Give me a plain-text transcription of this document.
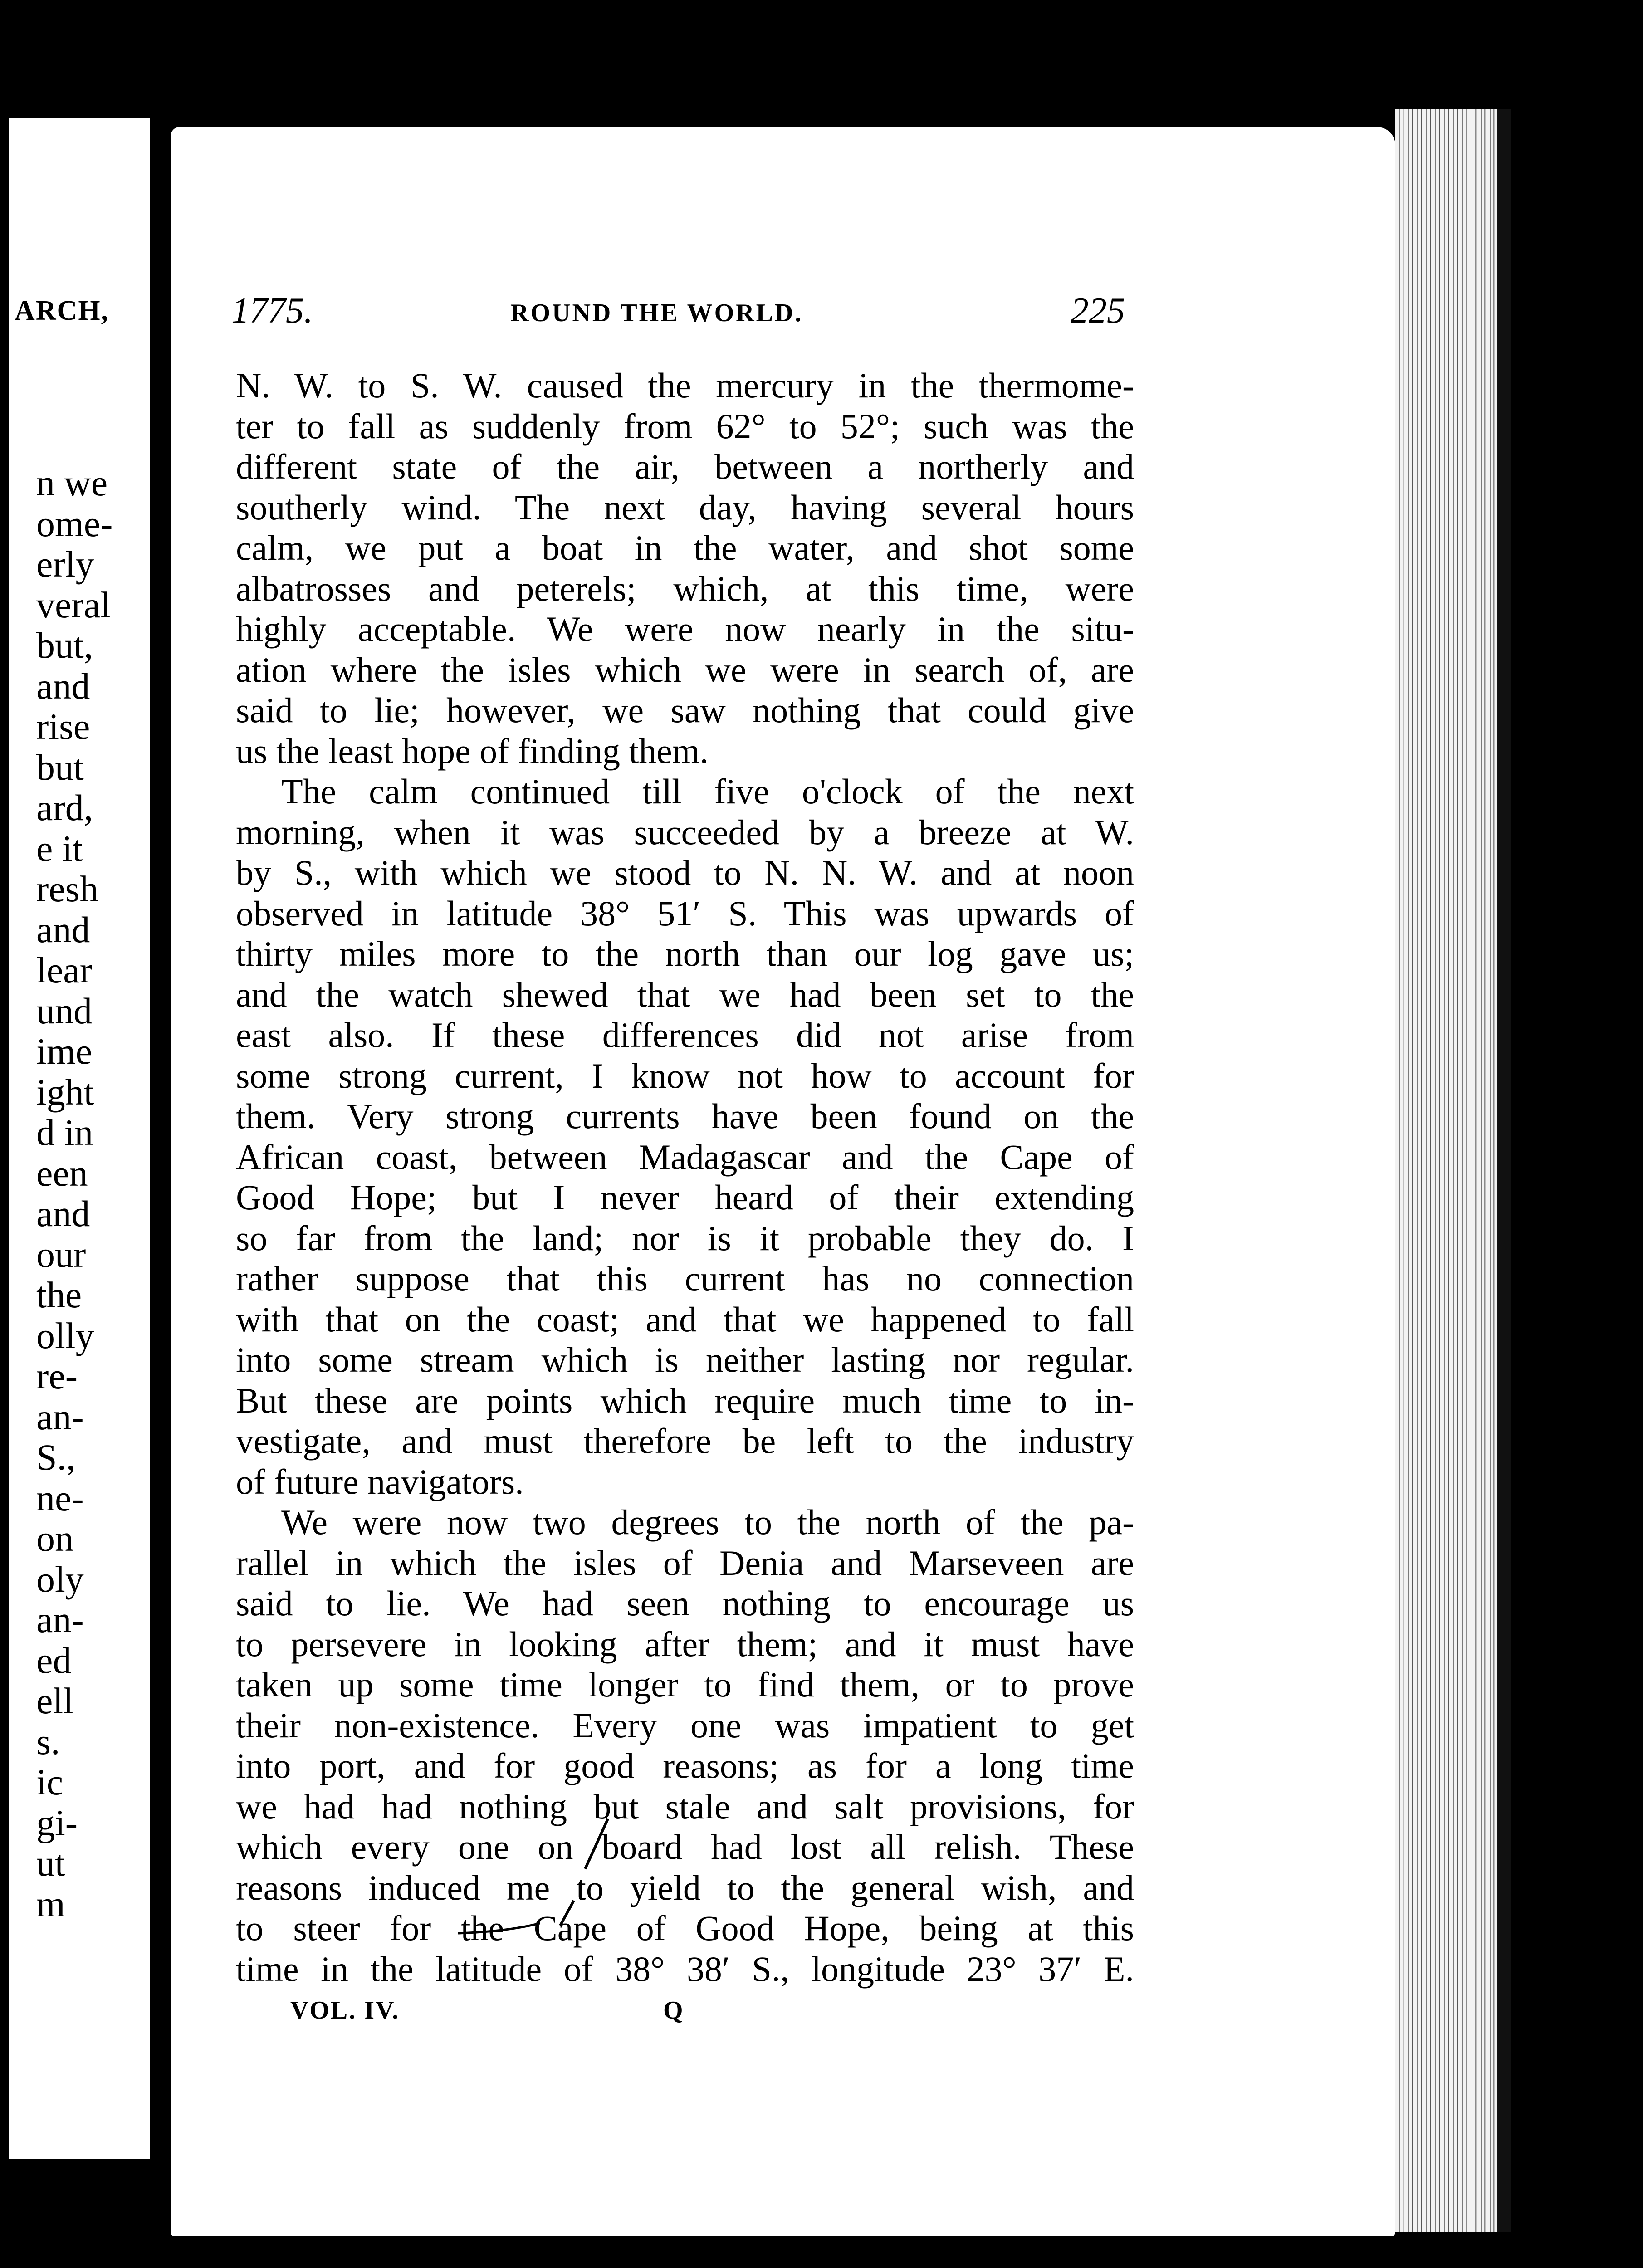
ARCH,
n we
ome-
erly
veral
but,
and
rise
but
ard,
e it
resh
and
lear
und
ime
ight
d in
een
and
our
the
olly
re-
an-
S.,
ne-
on
oly
an-
ed
ell
s.
ic
gi-
ut
m
1775.	ROUND THE WORLD.	225
N. W. to S. W. caused the mercury in the thermome-
ter to fall as suddenly from 62° to 52°; such was the
different state of the air, between a northerly and
southerly wind. The next day, having several hours
calm, we put a boat in the water, and shot some
albatrosses and peterels; which, at this time, were
highly acceptable. We were now nearly in the situ-
ation where the isles which we were in search of, are
said to lie; however, we saw nothing that could give
us the least hope of finding them.
The calm continued till five o'clock of the next
morning, when it was succeeded by a breeze at W.
by S., with which we stood to N. N. W. and at noon
observed in latitude 38° 51′ S. This was upwards of
thirty miles more to the north than our log gave us;
and the watch shewed that we had been set to the
east also. If these differences did not arise from
some strong current, I know not how to account for
them. Very strong currents have been found on the
African coast, between Madagascar and the Cape of
Good Hope; but I never heard of their extending
so far from the land; nor is it probable they do. I
rather suppose that this current has no connection
with that on the coast; and that we happened to fall
into some stream which is neither lasting nor regular.
But these are points which require much time to in-
vestigate, and must therefore be left to the industry
of future navigators.
We were now two degrees to the north of the pa-
rallel in which the isles of Denia and Marseveen are
said to lie. We had seen nothing to encourage us
to persevere in looking after them; and it must have
taken up some time longer to find them, or to prove
their non-existence. Every one was impatient to get
into port, and for good reasons; as for a long time
we had had nothing but stale and salt provisions, for
which every one on board had lost all relish. These
reasons induced me to yield to the general wish, and
to steer for the Cape of Good Hope, being at this
time in the latitude of 38° 38′ S., longitude 23° 37′ E.
VOL. IV.	Q
